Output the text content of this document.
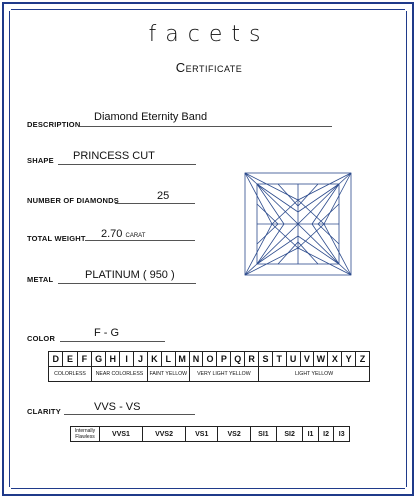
facets
Certificate
DESCRIPTION
Diamond Eternity Band
SHAPE PRINCESS CUT
NUMBER OF DIAMONDS	25
TOTAL WEIGHT 2.70 CARAT
METAL	PLATINUM ( 950 )
COLOR	F - G
D	E	F	G	H	I	J	K	L	M	N	O	P	Q	R	S	T	U	V	W	X	Y	Z
COLORLESS			NEAR COLORLESS				FAINT YELLOW			VERY LIGHT YELLOW					LIGHT YELLOW							
CLARITY	VVS - VS
Internally Flawless	VVS1	VVS2	VS1	VS2	SI1	SI2	I1	I2	I3
